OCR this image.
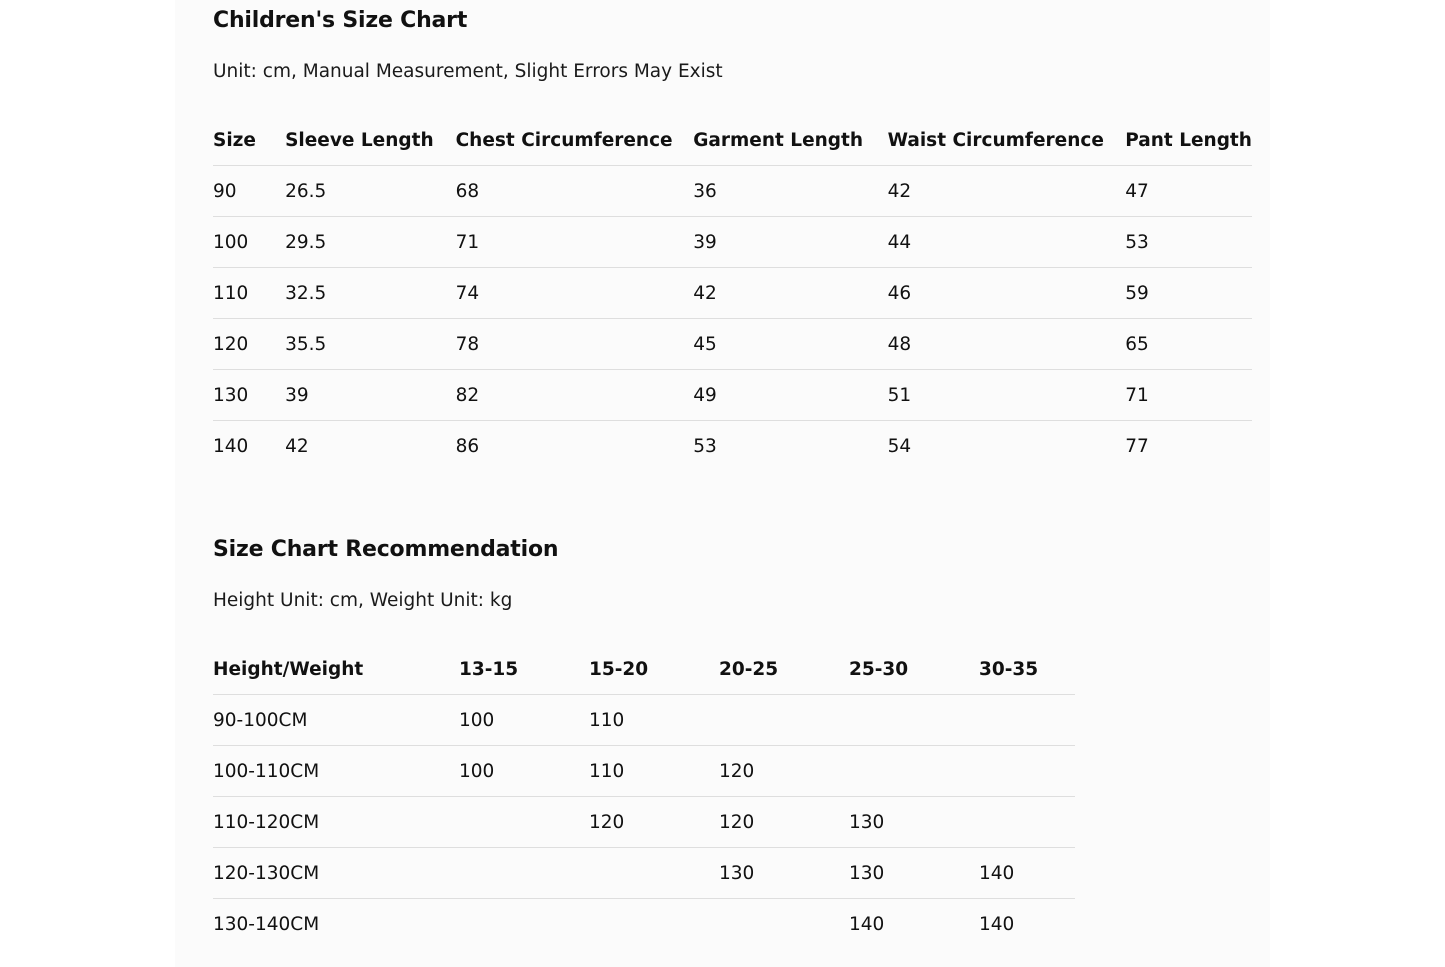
Children's Size Chart

Unit: cm, Manual Measurement, Slight Errors May Exist

Size	Sleeve Length	Chest Circumference	Garment Length	Waist Circumference	Pant Length
90	26.5	68	36	42	47
100	29.5	71	39	44	53
110	32.5	74	42	46	59
120	35.5	78	45	48	65
130	39	82	49	51	71
140	42	86	53	54	77
Size Chart Recommendation

Height Unit: cm, Weight Unit: kg

Height/Weight	13-15	15-20	20-25	25-30	30-35
90-100CM	100	110			
100-110CM	100	110	120		
110-120CM		120	120	130	
120-130CM			130	130	140
130-140CM				140	140
